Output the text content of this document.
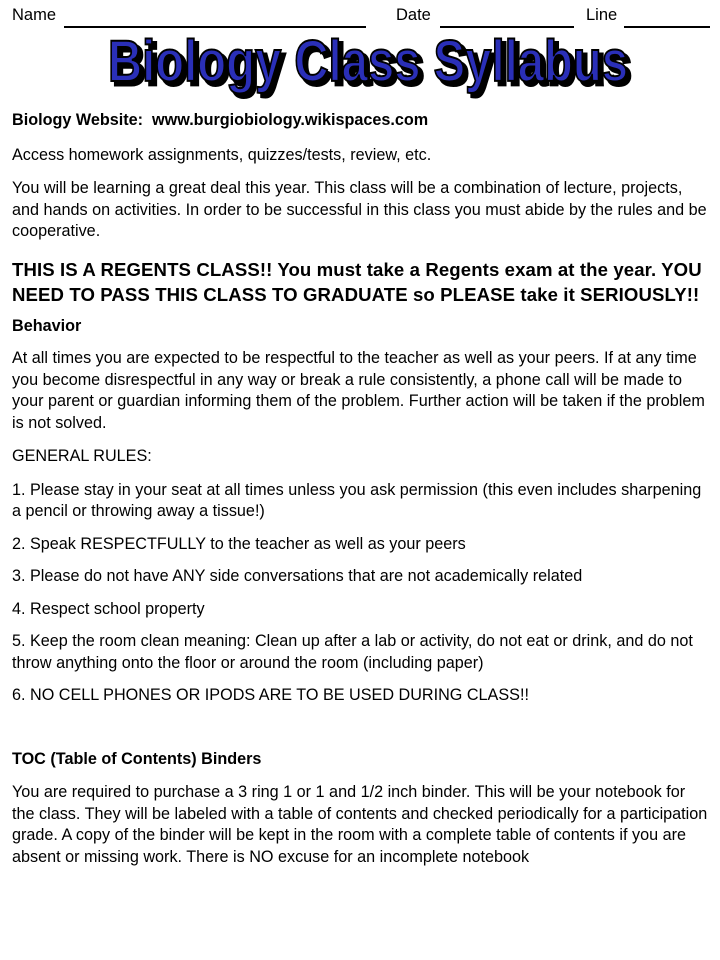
Name	Date	Line
Biology Class Syllabus
Biology Class Syllabus

Biology Website: www.burgiobiology.wikispaces.com

Access homework assignments, quizzes/tests, review, etc.

You will be learning a great deal this year. This class will be a combination of lecture, projects, and hands on activities. In order to be successful in this class you must abide by the rules and be cooperative.

THIS IS A REGENTS CLASS!! You must take a Regents exam at the year. YOU NEED TO PASS THIS CLASS TO GRADUATE so PLEASE take it SERIOUSLY!!

Behavior

At all times you are expected to be respectful to the teacher as well as your peers. If at any time you become disrespectful in any way or break a rule consistently, a phone call will be made to your parent or guardian informing them of the problem. Further action will be taken if the problem is not solved.

GENERAL RULES:

1. Please stay in your seat at all times unless you ask permission (this even includes sharpening a pencil or throwing away a tissue!)

2. Speak RESPECTFULLY to the teacher as well as your peers

3. Please do not have ANY side conversations that are not academically related

4. Respect school property

5. Keep the room clean meaning: Clean up after a lab or activity, do not eat or drink, and do not throw anything onto the floor or around the room (including paper)

6. NO CELL PHONES OR IPODS ARE TO BE USED DURING CLASS!!

TOC (Table of Contents) Binders

You are required to purchase a 3 ring 1 or 1 and 1/2 inch binder. This will be your notebook for the class. They will be labeled with a table of contents and checked periodically for a participation grade. A copy of the binder will be kept in the room with a complete table of contents if you are absent or missing work. There is NO excuse for an incomplete notebook
